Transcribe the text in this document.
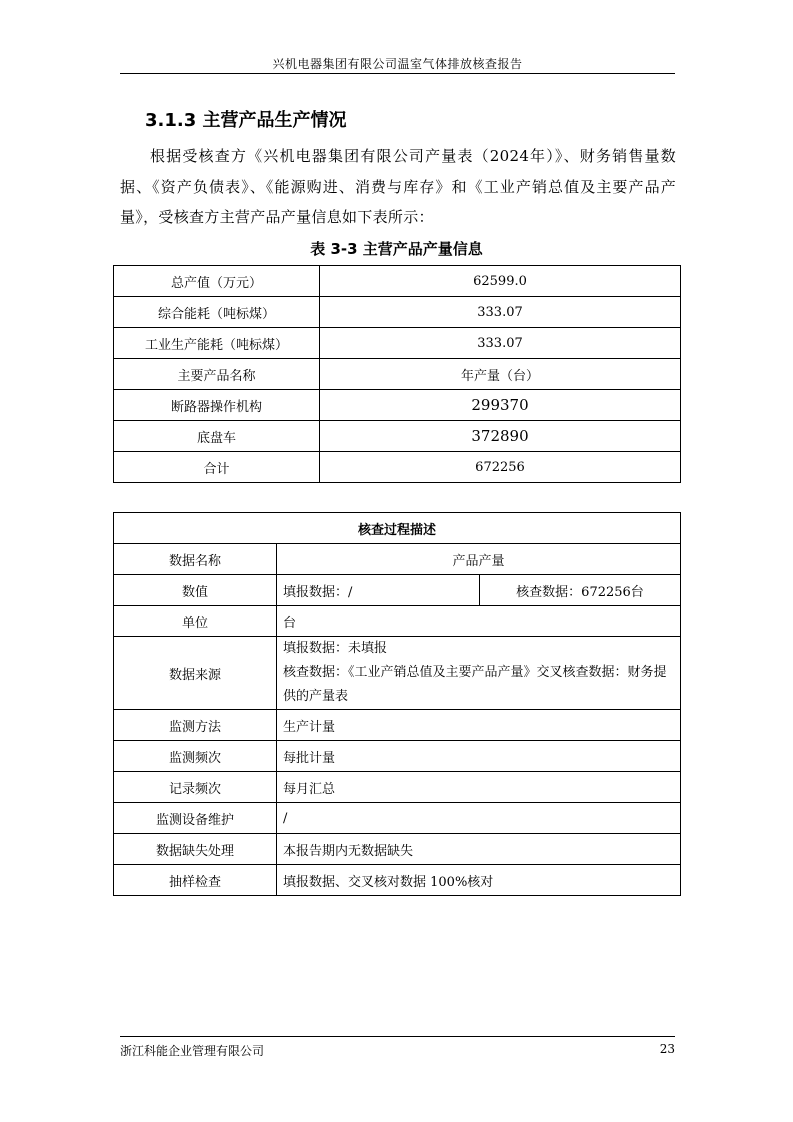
兴机电器集团有限公司温室气体排放核查报告
3.1.3 主营产品生产情况
根据受核查方《兴机电器集团有限公司产量表（2024年）》、财务销售量数据、《资产负债表》、《能源购进、消费与库存》和《工业产销总值及主要产品产量》，受核查方主营产品产量信息如下表所示：
表 3-3 主营产品产量信息
总产值（万元）	62599.0
综合能耗（吨标煤）	333.07
工业生产能耗（吨标煤）	333.07
主要产品名称	年产量（台）
断路器操作机构	299370
底盘车	372890
合计	672256
核查过程描述		
数据名称	产品产量	
数值	填报数据：/	核查数据：672256台
单位	台	
数据来源	填报数据：未填报
核查数据：《工业产销总值及主要产品产量》交叉核查数据：财务提供的产量表	

监测方法	生产计量	
监测频次	每批计量	
记录频次	每月汇总	
监测设备维护	/	
数据缺失处理	本报告期内无数据缺失	
抽样检查	填报数据、交叉核对数据 100%核对	
浙江科能企业管理有限公司	23
